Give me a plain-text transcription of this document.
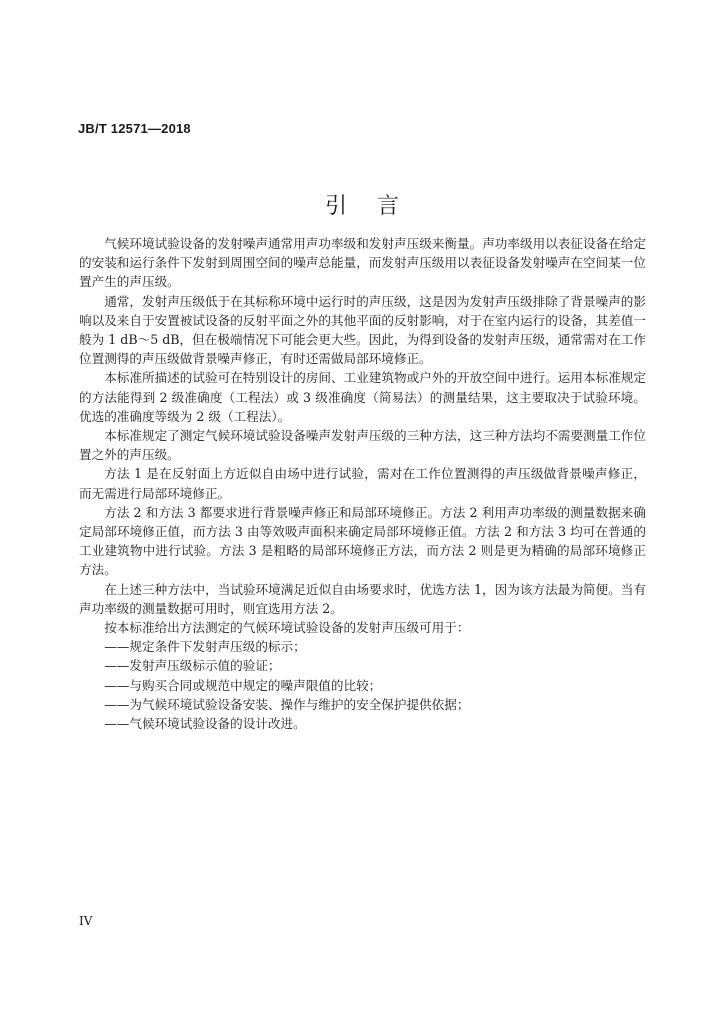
JB/T 12571—2018
引言

气候环境试验设备的发射噪声通常用声功率级和发射声压级来衡量。声功率级用以表征设备在给定的安装和运行条件下发射到周围空间的噪声总能量，而发射声压级用以表征设备发射噪声在空间某一位置产生的声压级。

通常，发射声压级低于在其标称环境中运行时的声压级，这是因为发射声压级排除了背景噪声的影响以及来自于安置被试设备的反射平面之外的其他平面的反射影响，对于在室内运行的设备，其差值一般为 1 dB～5 dB，但在极端情况下可能会更大些。因此，为得到设备的发射声压级，通常需对在工作位置测得的声压级做背景噪声修正，有时还需做局部环境修正。

本标准所描述的试验可在特别设计的房间、工业建筑物或户外的开放空间中进行。运用本标准规定的方法能得到 2 级准确度（工程法）或 3 级准确度（简易法）的测量结果，这主要取决于试验环境。优选的准确度等级为 2 级（工程法）。

本标准规定了测定气候环境试验设备噪声发射声压级的三种方法，这三种方法均不需要测量工作位置之外的声压级。

方法 1 是在反射面上方近似自由场中进行试验，需对在工作位置测得的声压级做背景噪声修正，而无需进行局部环境修正。

方法 2 和方法 3 都要求进行背景噪声修正和局部环境修正。方法 2 利用声功率级的测量数据来确定局部环境修正值，而方法 3 由等效吸声面积来确定局部环境修正值。方法 2 和方法 3 均可在普通的工业建筑物中进行试验。方法 3 是粗略的局部环境修正方法，而方法 2 则是更为精确的局部环境修正方法。

在上述三种方法中，当试验环境满足近似自由场要求时，优选方法 1，因为该方法最为简便。当有声功率级的测量数据可用时，则宜选用方法 2。

按本标准给出方法测定的气候环境试验设备的发射声压级可用于：

——规定条件下发射声压级的标示；
——发射声压级标示值的验证；
——与购买合同或规范中规定的噪声限值的比较；
——为气候环境试验设备安装、操作与维护的安全保护提供依据；
——气候环境试验设备的设计改进。
IV
